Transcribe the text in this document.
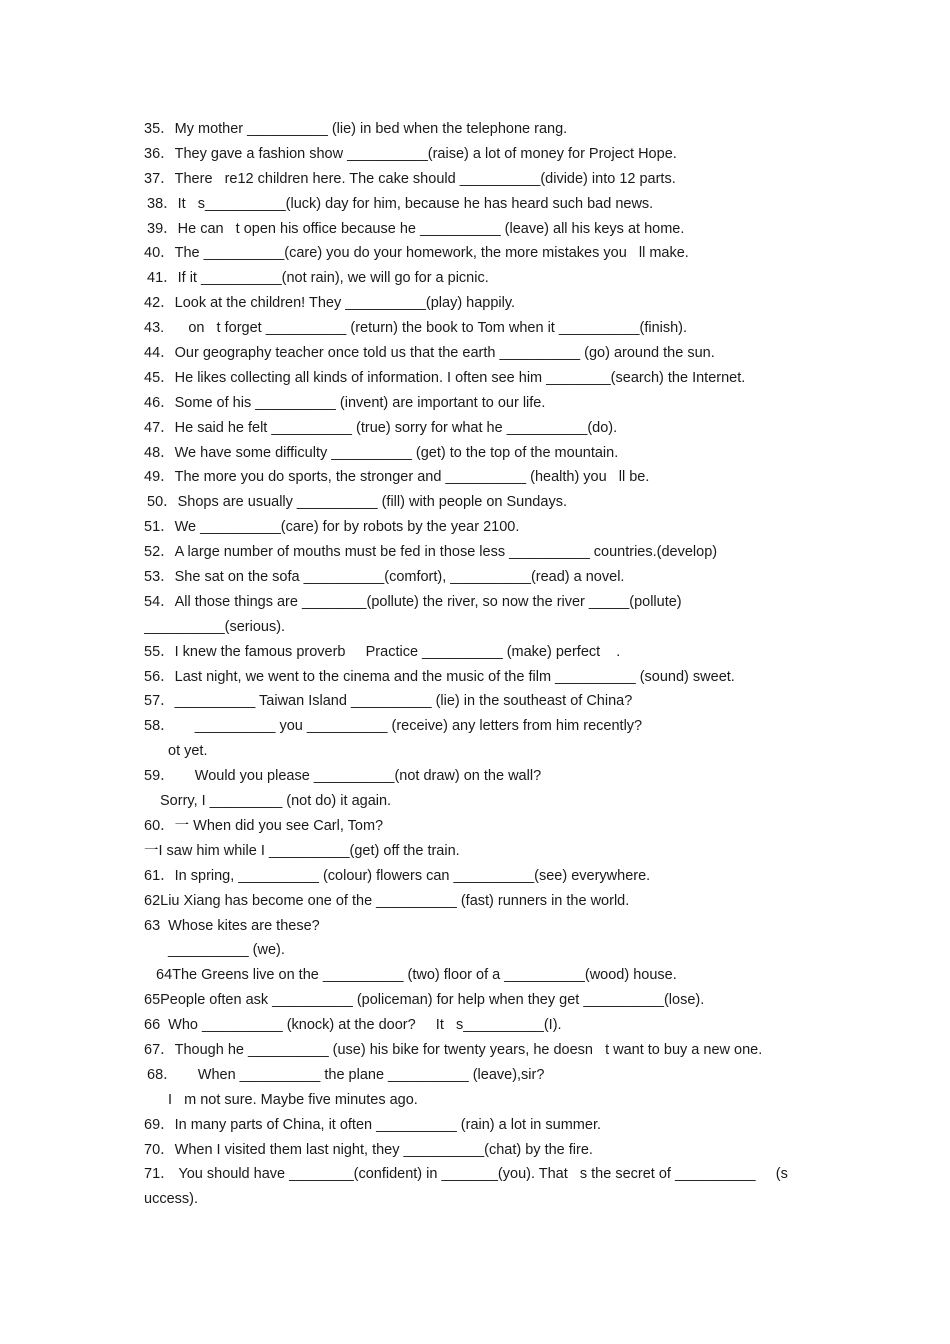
35．My mother __________ (lie) in bed when the telephone rang.
36．They gave a fashion show __________(raise) a lot of money for Project Hope.
37．There   re12 children here. The cake should __________(divide) into 12 parts.
38．It   s__________(luck) day for him, because he has heard such bad news.
39．He can   t open his office because he __________ (leave) all his keys at home.
40．The __________(care) you do your homework, the more mistakes you   ll make.
41．If it __________(not rain), we will go for a picnic.
42．Look at the children! They __________(play) happily.
43.      on   t forget __________ (return) the book to Tom when it __________(finish).
44．Our geography teacher once told us that the earth __________ (go) around the sun.
45．He likes collecting all kinds of information. I often see him ________(search) the Internet.
46．Some of his __________ (invent) are important to our life.
47．He said he felt __________ (true) sorry for what he __________(do).
48．We have some difficulty __________ (get) to the top of the mountain.
49．The more you do sports, the stronger and __________ (health) you   ll be.
50．Shops are usually __________ (fill) with people on Sundays.
51．We __________(care) for by robots by the year 2100.
52．A large number of mouths must be fed in those less __________ countries.(develop)
53．She sat on the sofa __________(comfort), __________(read) a novel.
54．All those things are ________(pollute) the river, so now the river _____(pollute)
__________(serious).
55．I knew the famous proverb     Practice __________ (make) perfect    .
56．Last night, we went to the cinema and the music of the film __________ (sound) sweet.
57．__________ Taiwan Island __________ (lie) in the southeast of China?
58．     __________ you __________ (receive) any letters from him recently?
ot yet.
59．     Would you please __________(not draw) on the wall?
Sorry, I _________ (not do) it again.
60．一 When did you see Carl, Tom?
一I saw him while I __________(get) off the train.
61．In spring, __________ (colour) flowers can __________(see) everywhere.
62Liu Xiang has become one of the __________ (fast) runners in the world.
63  Whose kites are these?
__________ (we).
64The Greens live on the __________ (two) floor of a __________(wood) house.
65People often ask __________ (policeman) for help when they get __________(lose).
66  Who __________ (knock) at the door?     It   s__________(I).
67．Though he __________ (use) his bike for twenty years, he doesn   t want to buy a new one.
68．     When __________ the plane __________ (leave),sir?
I   m not sure. Maybe five minutes ago.
69．In many parts of China, it often __________ (rain) a lot in summer.
70．When I visited them last night, they __________(chat) by the fire.
71． You should have ________(confident) in _______(you). That   s the secret of __________     (s
uccess).
